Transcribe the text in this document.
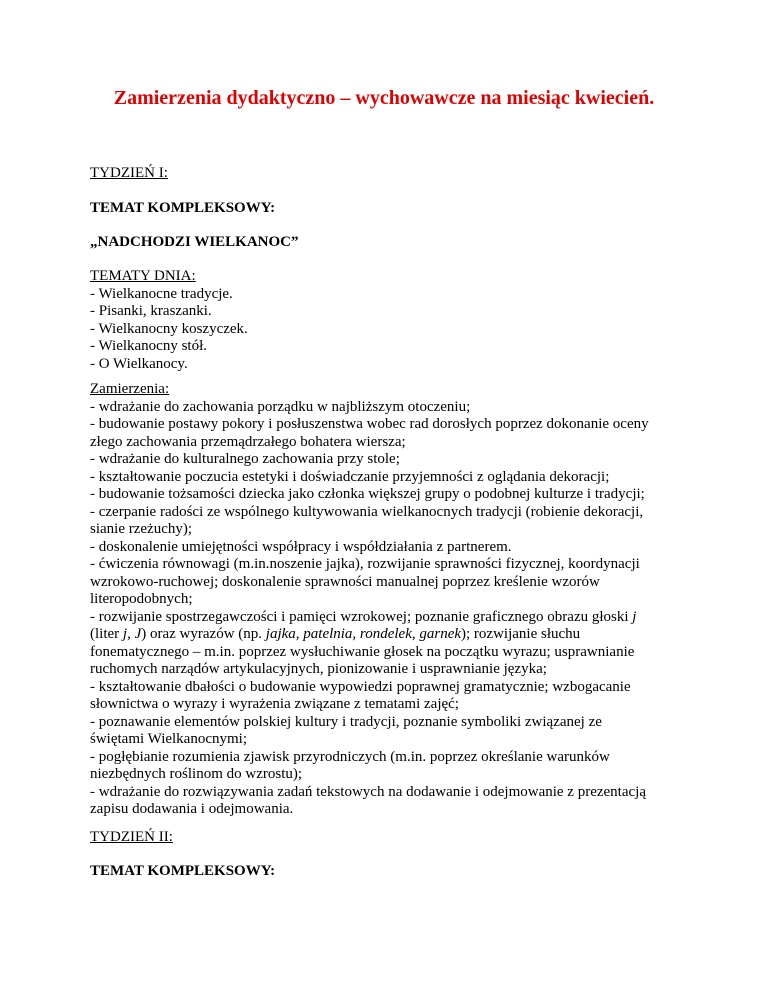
Zamierzenia dydaktyczno – wychowawcze na miesiąc kwiecień.
TYDZIEŃ I:
TEMAT KOMPLEKSOWY:
„NADCHODZI WIELKANOC”
TEMATY DNIA:
- Wielkanocne tradycje.
- Pisanki, kraszanki.
- Wielkanocny koszyczek.
- Wielkanocny stół.
- O Wielkanocy.
Zamierzenia:
- wdrażanie do zachowania porządku w najbliższym otoczeniu;
- budowanie postawy pokory i posłuszenstwa wobec rad dorosłych poprzez dokonanie oceny
złego zachowania przemądrzałego bohatera wiersza;
- wdrażanie do kulturalnego zachowania przy stole;
- kształtowanie poczucia estetyki i doświadczanie przyjemności z oglądania dekoracji;
- budowanie tożsamości dziecka jako członka większej grupy o podobnej kulturze i tradycji;
- czerpanie radości ze wspólnego kultywowania wielkanocnych tradycji (robienie dekoracji,
sianie rzeżuchy);
- doskonalenie umiejętności współpracy i współdziałania z partnerem.
- ćwiczenia równowagi (m.in.noszenie jajka), rozwijanie sprawności fizycznej, koordynacji
wzrokowo-ruchowej; doskonalenie sprawności manualnej poprzez kreślenie wzorów
literopodobnych;
- rozwijanie spostrzegawczości i pamięci wzrokowej; poznanie graficznego obrazu głoski j
(liter j, J) oraz wyrazów (np. jajka, patelnia, rondelek, garnek); rozwijanie słuchu
fonematycznego – m.in. poprzez wysłuchiwanie głosek na początku wyrazu; usprawnianie
ruchomych narządów artykulacyjnych, pionizowanie i usprawnianie języka;
- kształtowanie dbałości o budowanie wypowiedzi poprawnej gramatycznie; wzbogacanie
słownictwa o wyrazy i wyrażenia związane z tematami zajęć;
- poznawanie elementów polskiej kultury i tradycji, poznanie symboliki związanej ze
świętami Wielkanocnymi;
- pogłębianie rozumienia zjawisk przyrodniczych (m.in. poprzez określanie warunków
niezbędnych roślinom do wzrostu);
- wdrażanie do rozwiązywania zadań tekstowych na dodawanie i odejmowanie z prezentacją
zapisu dodawania i odejmowania.
TYDZIEŃ II:
TEMAT KOMPLEKSOWY:
